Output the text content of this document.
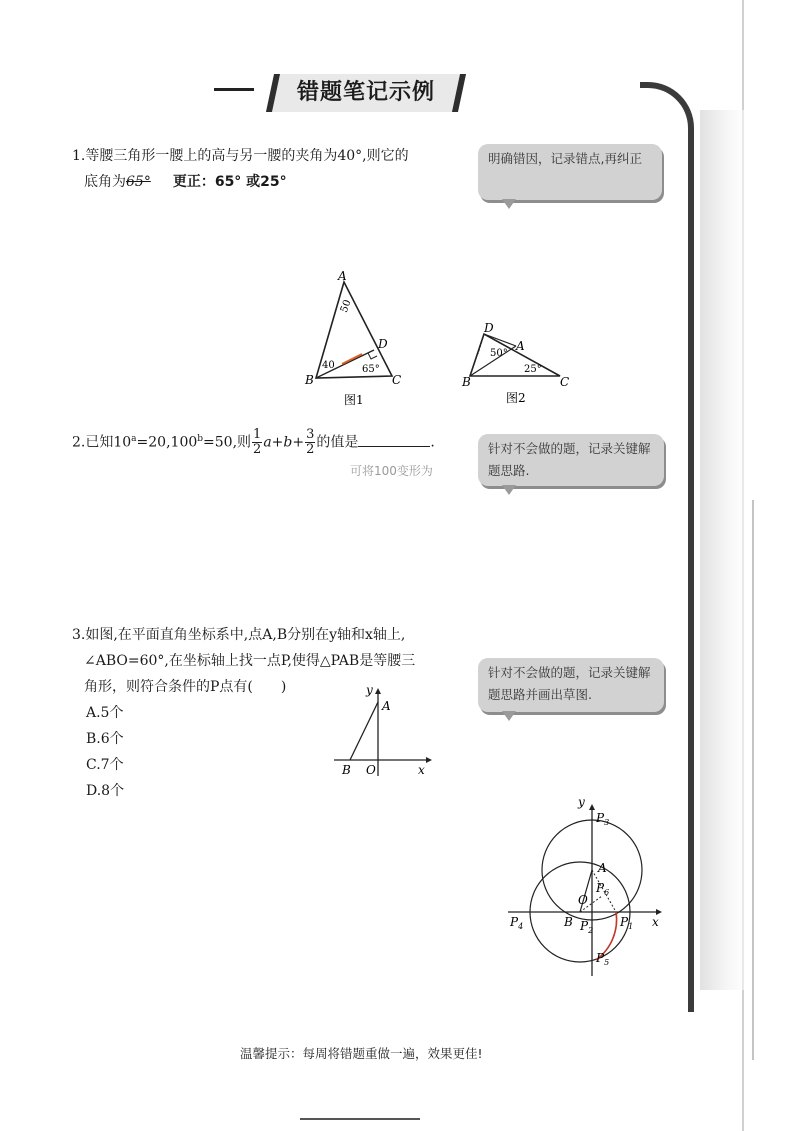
错题笔记示例
1.等腰三角形一腰上的高与另一腰的夹角为40°,则它的
底角为65° 更正：65° 或25°
明确错因，记录错点,再纠正
A
B	C
D
50
40	65°
图1
D
B	C
A
50°
25°
图2
2.已知$10^a=20,100^b=50$,则 $\frac{1}{2} a+b+ \frac{3}{2}$ 的值是	.
可将100变形为
针对不会做的题，记录关键解题思路.
3.如图,在平面直角坐标系中,点A,B分别在y轴和x轴上,
∠ABO=60°,在坐标轴上找一点P,使得△PAB是等腰三
角形，则符合条件的P点有(　　)
A.5个
B.6个
C.7个
D.8个
针对不会做的题，记录关键解题思路并画出草图.
y
A
B O	x
y
$P_3$
A
$P_6$
O
B $P_2$
$P_1$ x
$P_4$
$P_5$
温馨提示：每周将错题重做一遍，效果更佳!
